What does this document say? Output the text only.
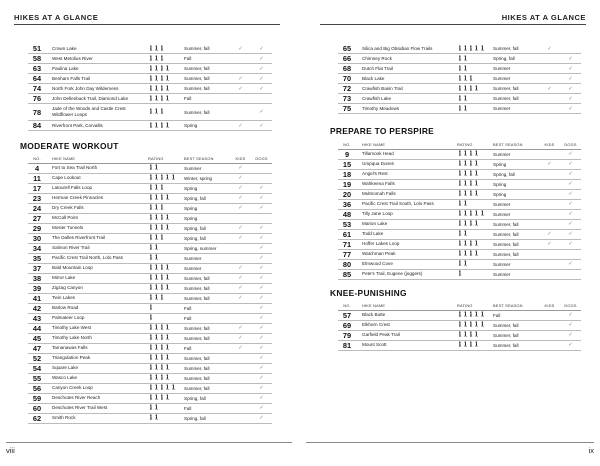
HIKES AT A GLANCE
51	Crown Lake	🚶🚶🚶	Summer, fall	✓	✓
58	West Metolius River	🚶🚶🚶	Fall		✓
63	Paulina Lake	🚶🚶🚶🚶	Summer, fall		✓
64	Benham Falls Trail	🚶🚶🚶🚶	Summer, fall	✓	✓
74	North Fork John Day Wilderness	🚶🚶🚶🚶	Summer, fall	✓	✓
76	John Dellenback Trail, Diamond Lake	🚶🚶🚶🚶	Fall		
78	Jade of the Woods and Castle Crest Wildflower Loops	🚶🚶🚶	Summer, fall		✓
84	Riverfront Park, Corvallis	🚶🚶🚶🚶	Spring	✓	✓
MODERATE WORKOUT
NO.	HIKE NAME	RATING	BEST SEASON	KIDS	DOGS
4	Fort to Sea Trail North	🚶🚶	Summer	✓	
11	Cape Lookout	🚶🚶🚶🚶🚶	Winter, spring	✓	
17	Latourell Falls Loop	🚶🚶🚶	Spring	✓	✓
23	Herman Creek Pinnacles	🚶🚶🚶🚶	Spring, fall	✓	✓
24	Dry Creek Falls	🚶🚶🚶	Spring	✓	✓
27	McCall Point	🚶🚶🚶🚶	Spring		
29	Mosier Tunnels	🚶🚶🚶🚶	Spring, fall	✓	✓
30	The Dalles Riverfront Trail	🚶🚶🚶	Spring, fall	✓	✓
34	Salmon River Trail	🚶🚶	Spring, summer		✓
35	Pacific Crest Trail North, Lolo Pass	🚶🚶	Summer		✓
37	Bald Mountain Loop	🚶🚶🚶🚶	Summer	✓	✓
38	Mirror Lake	🚶🚶🚶🚶	Summer, fall	✓	✓
39	Zigzag Canyon	🚶🚶🚶🚶	Summer, fall	✓	✓
41	Twin Lakes	🚶🚶🚶	Summer, fall	✓	✓
42	Barlow Road	🚶	Fall		✓
43	Palmateer Loop	🚶	Fall		✓
44	Timothy Lake West	🚶🚶🚶🚶	Summer, fall	✓	✓
45	Timothy Lake North	🚶🚶🚶🚶	Summer, fall	✓	✓
47	Tamanawas Falls	🚶🚶🚶🚶	Fall	✓	✓
52	Triangulation Peak	🚶🚶🚶🚶	Summer, fall		✓
54	Square Lake	🚶🚶🚶🚶	Summer, fall		✓
55	Wasco Lake	🚶🚶🚶🚶	Summer, fall		✓
56	Canyon Creek Loop	🚶🚶🚶🚶🚶	Summer, fall		✓
59	Deschutes River Reach	🚶🚶🚶🚶	Spring, fall		✓
60	Deschutes River Trail West	🚶🚶	Fall		✓
62	Smith Rock	🚶🚶	Spring, fall		✓
viii
HIKES AT A GLANCE
65	Silica and Big Obsidian Flow Trails	🚶🚶🚶🚶🚶	Summer, fall	✓	
66	Chimney Rock	🚶🚶	Spring, fall		✓
68	Dutch Flat Trail	🚶🚶	Summer		✓
70	Black Lake	🚶🚶🚶	Summer		✓
72	Crawfish Basin Trail	🚶🚶🚶🚶	Summer, fall	✓	✓
73	Crawfish Lake	🚶🚶	Summer, fall		✓
75	Timothy Meadows	🚶🚶	Summer		✓
PREPARE TO PERSPIRE
NO.	HIKE NAME	RATING	BEST SEASON	KIDS	DOGS
9	Tillamook Head	🚶🚶🚶🚶	Summer		✓
15	Umpqua Dunes	🚶🚶🚶🚶	Spring	✓	✓
18	Angel's Rest	🚶🚶🚶🚶	Spring, fall		✓
19	Wahkeena Falls	🚶🚶🚶🚶	Spring		✓
20	Multnomah Falls	🚶🚶🚶🚶	Spring		✓
36	Pacific Crest Trail South, Lolo Pass	🚶🚶	Summer		✓
48	Tilly Jane Loop	🚶🚶🚶🚶🚶	Summer		✓
53	Marion Lake	🚶🚶🚶🚶	Summer, fall		✓
61	Todd Lake	🚶🚶	Summer, fall	✓	✓
71	Hoffer Lakes Loop	🚶🚶🚶🚶	Summer, fall	✓	✓
77	Watchman Peak	🚶🚶🚶🚶	Summer, fall		
80	Elmwood Cove	🚶🚶	Summer		✓
85	Pete's Trail, Eugene (joggers)	🚶	Summer		
KNEE-PUNISHING
NO.	HIKE NAME	RATING	BEST SEASON	KIDS	DOGS
57	Black Butte	🚶🚶🚶🚶🚶	Fall		✓
69	Elkhorn Crest	🚶🚶🚶🚶🚶	Summer, fall		✓
79	Garfield Peak Trail	🚶🚶🚶🚶	Summer, fall		✓
81	Mount Scott	🚶🚶🚶🚶	Summer, fall		✓
ix
